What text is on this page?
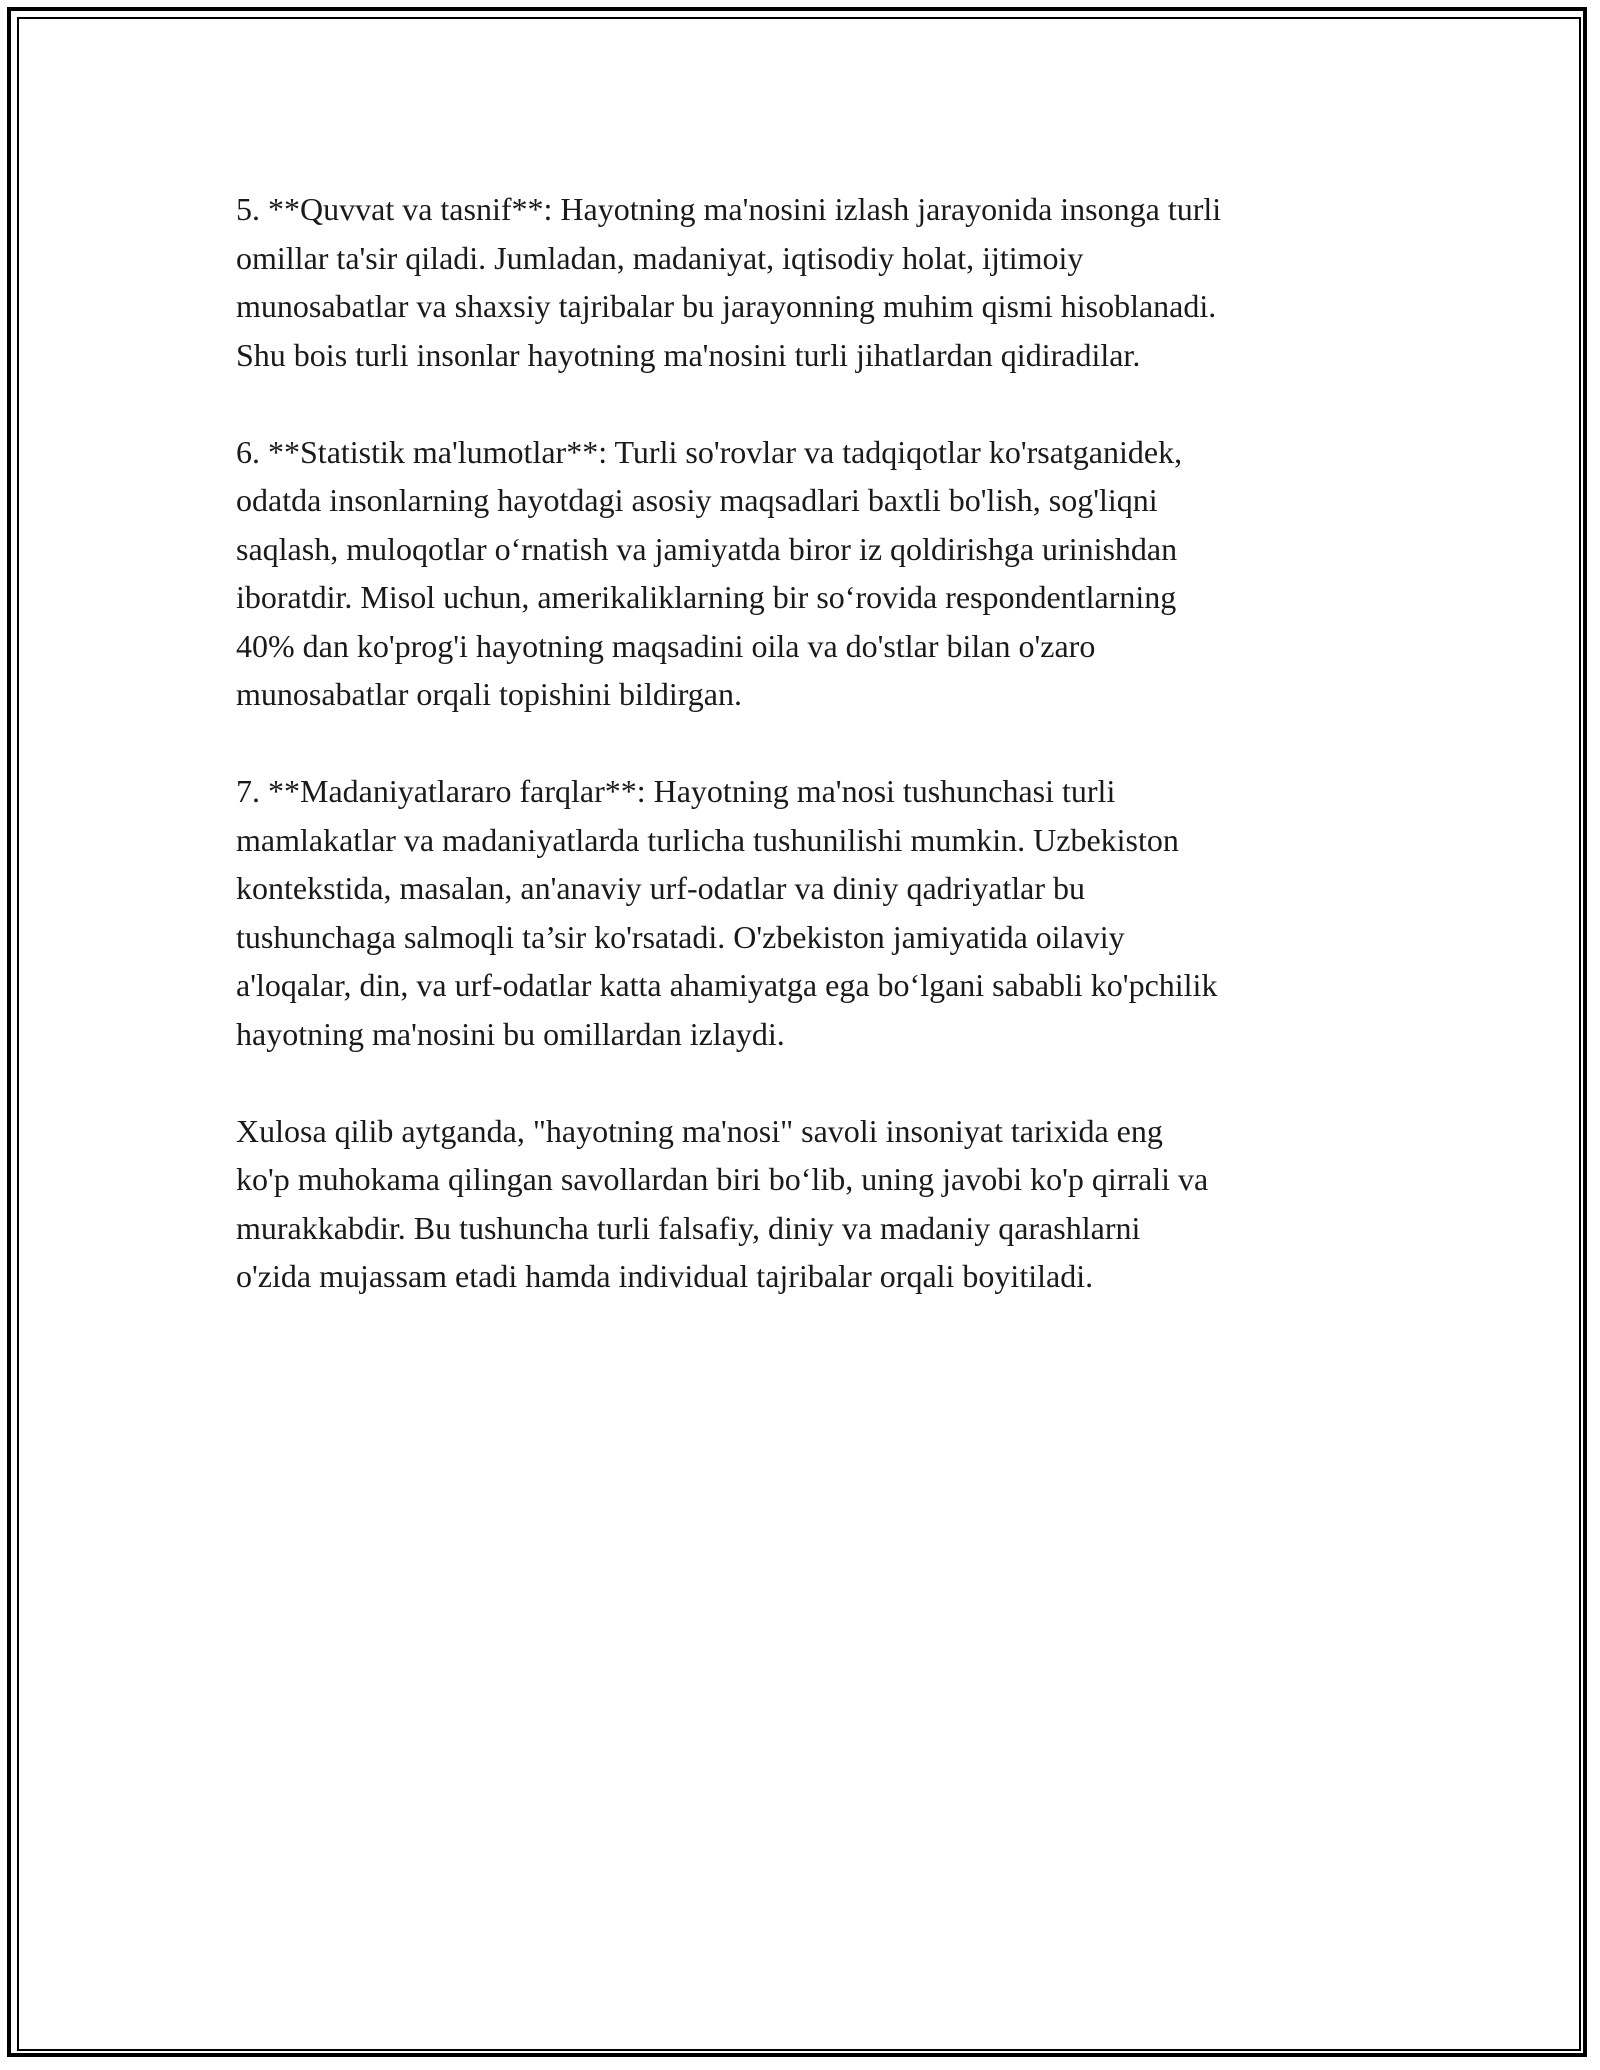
5. **Quvvat va tasnif**: Hayotning ma'nosini izlash jarayonida insonga turli
omillar ta'sir qiladi. Jumladan, madaniyat, iqtisodiy holat, ijtimoiy
munosabatlar va shaxsiy tajribalar bu jarayonning muhim qismi hisoblanadi.
Shu bois turli insonlar hayotning ma'nosini turli jihatlardan qidiradilar.

6. **Statistik ma'lumotlar**: Turli so'rovlar va tadqiqotlar ko'rsatganidek,
odatda insonlarning hayotdagi asosiy maqsadlari baxtli bo'lish, sog'liqni
saqlash, muloqotlar o‘rnatish va jamiyatda biror iz qoldirishga urinishdan
iboratdir. Misol uchun, amerikaliklarning bir so‘rovida respondentlarning
40% dan ko'prog'i hayotning maqsadini oila va do'stlar bilan o'zaro
munosabatlar orqali topishini bildirgan.

7. **Madaniyatlararo farqlar**: Hayotning ma'nosi tushunchasi turli
mamlakatlar va madaniyatlarda turlicha tushunilishi mumkin. Uzbekiston
kontekstida, masalan, an'anaviy urf-odatlar va diniy qadriyatlar bu
tushunchaga salmoqli ta’sir ko'rsatadi. O'zbekiston jamiyatida oilaviy
a'loqalar, din, va urf-odatlar katta ahamiyatga ega bo‘lgani sababli ko'pchilik
hayotning ma'nosini bu omillardan izlaydi.

Xulosa qilib aytganda, "hayotning ma'nosi" savoli insoniyat tarixida eng
ko'p muhokama qilingan savollardan biri bo‘lib, uning javobi ko'p qirrali va
murakkabdir. Bu tushuncha turli falsafiy, diniy va madaniy qarashlarni
o'zida mujassam etadi hamda individual tajribalar orqali boyitiladi.
